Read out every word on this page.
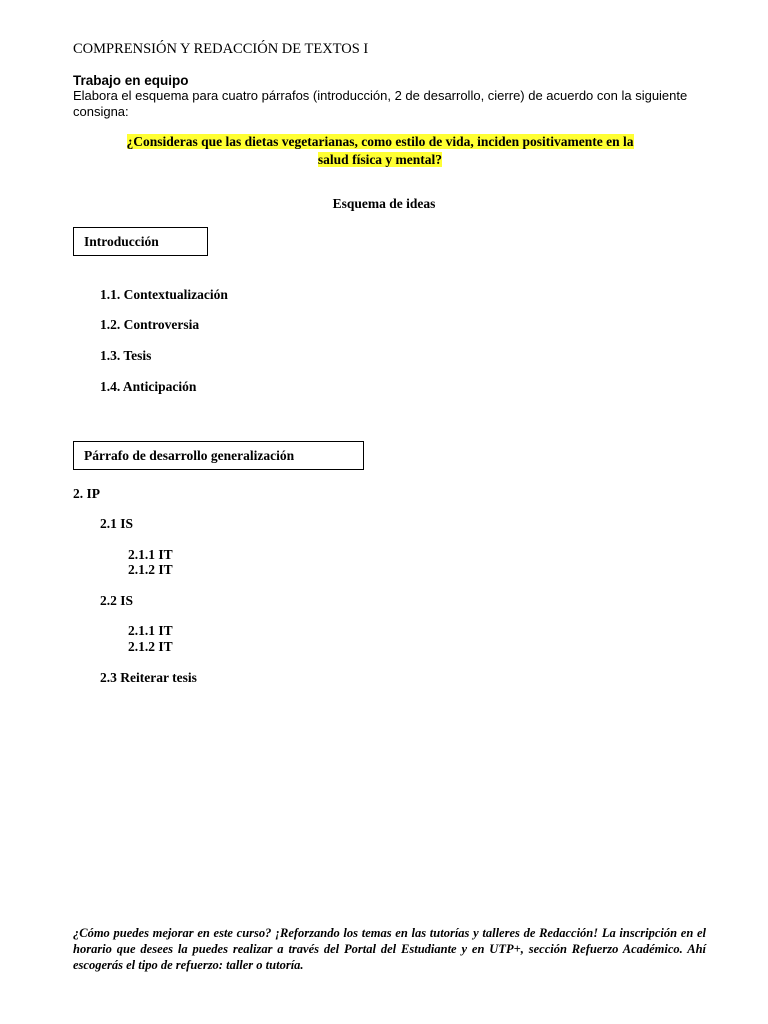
COMPRENSIÓN Y REDACCIÓN DE TEXTOS I
Trabajo en equipo
Elabora el esquema para cuatro párrafos (introducción, 2 de desarrollo, cierre) de acuerdo con la siguiente consigna:
¿Consideras que las dietas vegetarianas, como estilo de vida, inciden positivamente en la
salud física y mental?
Esquema de ideas
Introducción
1.1. Contextualización
1.2. Controversia
1.3. Tesis
1.4. Anticipación
Párrafo de desarrollo generalización
2. IP
2.1 IS
2.1.1 IT
2.1.2 IT
2.2 IS
2.1.1 IT
2.1.2 IT
2.3 Reiterar tesis
¿Cómo puedes mejorar en este curso? ¡Reforzando los temas en las tutorías y talleres de Redacción! La inscripción en el horario que desees la puedes realizar a través del Portal del Estudiante y en UTP+, sección Refuerzo Académico. Ahí escogerás el tipo de refuerzo: taller o tutoría.
